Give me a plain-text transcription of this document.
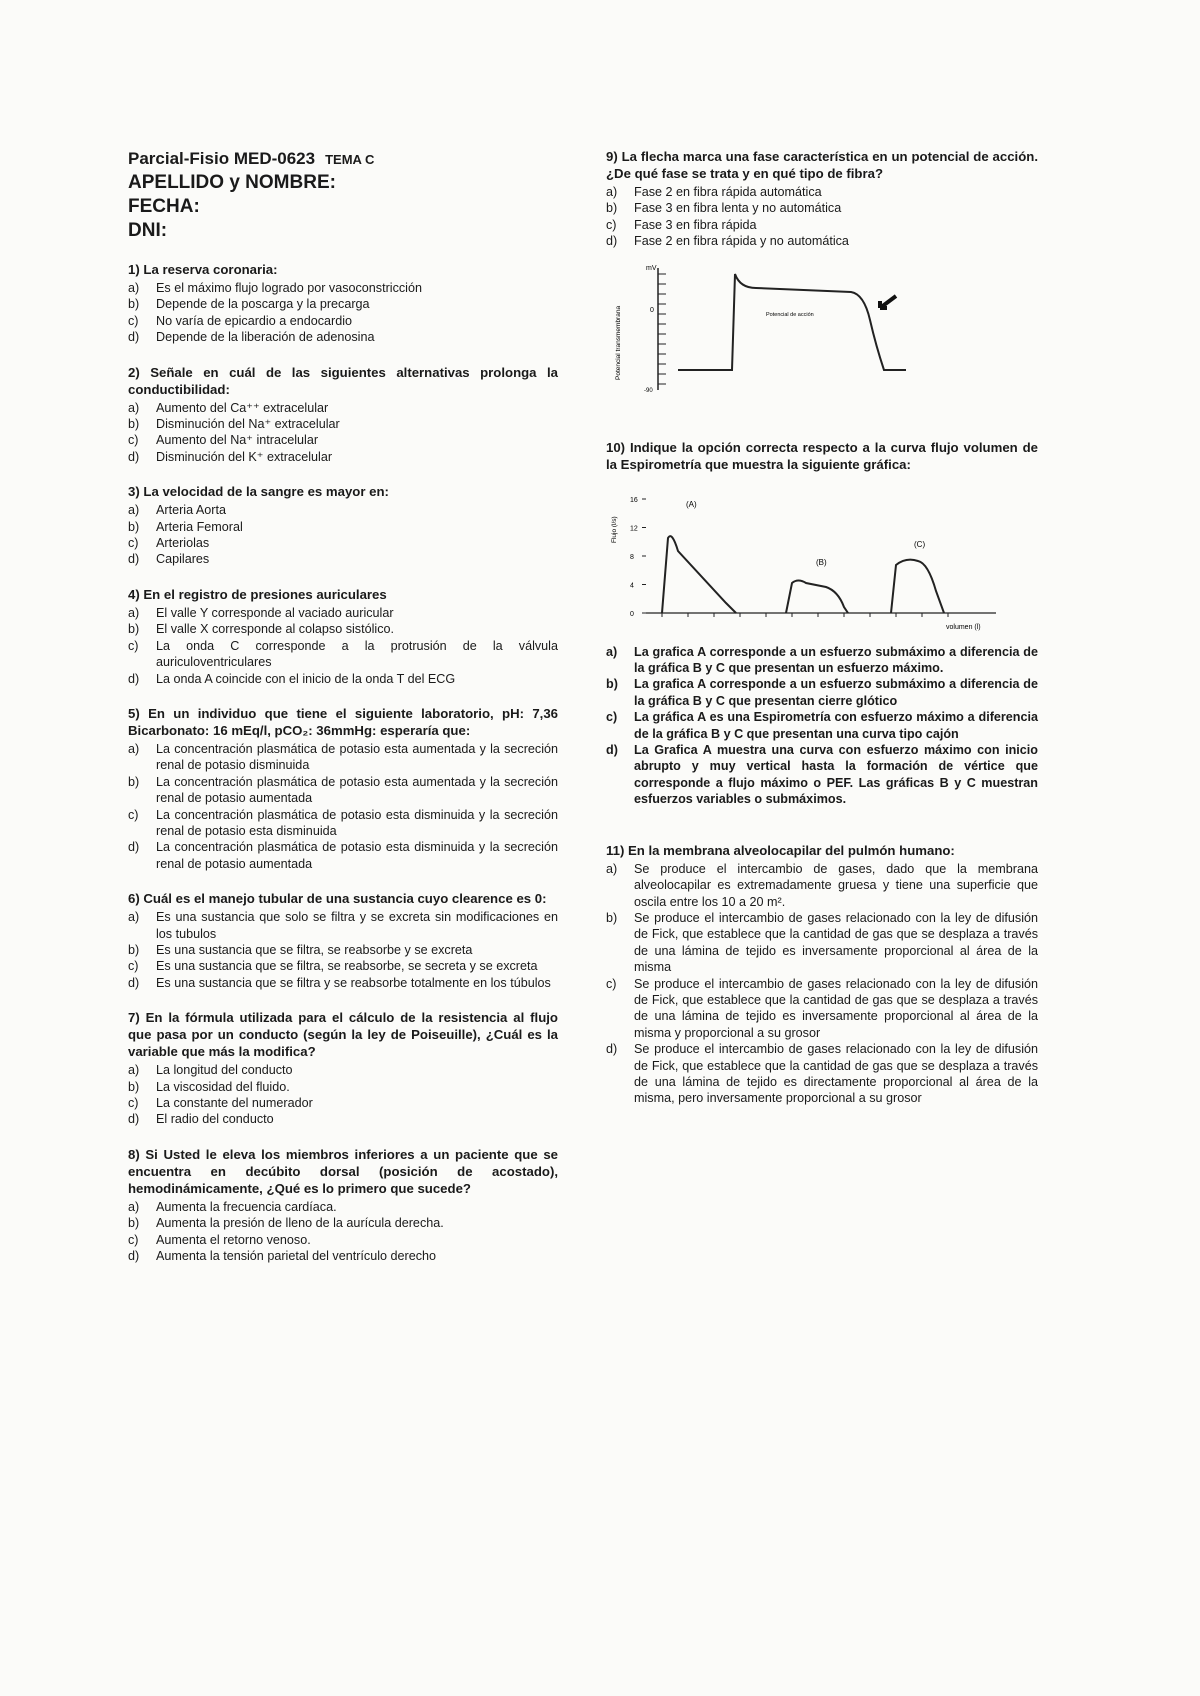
Parcial-Fisio MED-0623 TEMA C
APELLIDO y NOMBRE:
FECHA:
DNI:
1) La reserva coronaria:
a)	Es el máximo flujo logrado por vasoconstricción
b)	Depende de la poscarga y la precarga
c)	No varía de epicardio a endocardio
d)	Depende de la liberación de adenosina
2) Señale en cuál de las siguientes alternativas prolonga la conductibilidad:
a)	Aumento del Ca⁺⁺ extracelular
b)	Disminución del Na⁺ extracelular
c)	Aumento del Na⁺ intracelular
d)	Disminución del K⁺ extracelular
3) La velocidad de la sangre es mayor en:
a)	Arteria Aorta
b)	Arteria Femoral
c)	Arteriolas
d)	Capilares
4) En el registro de presiones auriculares
a)	El valle Y corresponde al vaciado auricular
b)	El valle X corresponde al colapso sistólico.
c)	La onda C corresponde a la protrusión de la válvula auriculoventriculares
d)	La onda A coincide con el inicio de la onda T del ECG
5) En un individuo que tiene el siguiente laboratorio, pH: 7,36 Bicarbonato: 16 mEq/l, pCO₂: 36mmHg: esperaría que:
a)	La concentración plasmática de potasio esta aumentada y la secreción renal de potasio disminuida
b)	La concentración plasmática de potasio esta aumentada y la secreción renal de potasio aumentada
c)	La concentración plasmática de potasio esta disminuida y la secreción renal de potasio esta disminuida
d)	La concentración plasmática de potasio esta disminuida y la secreción renal de potasio aumentada
6) Cuál es el manejo tubular de una sustancia cuyo clearence es 0:
a)	Es una sustancia que solo se filtra y se excreta sin modificaciones en los tubulos
b)	Es una sustancia que se filtra, se reabsorbe y se excreta
c)	Es una sustancia que se filtra, se reabsorbe, se secreta y se excreta
d)	Es una sustancia que se filtra y se reabsorbe totalmente en los túbulos
7) En la fórmula utilizada para el cálculo de la resistencia al flujo que pasa por un conducto (según la ley de Poiseuille), ¿Cuál es la variable que más la modifica?
a)	La longitud del conducto
b)	La viscosidad del fluido.
c)	La constante del numerador
d)	El radio del conducto
8) Si Usted le eleva los miembros inferiores a un paciente que se encuentra en decúbito dorsal (posición de acostado), hemodinámicamente, ¿Qué es lo primero que sucede?
a)	Aumenta la frecuencia cardíaca.
b)	Aumenta la presión de lleno de la aurícula derecha.
c)	Aumenta el retorno venoso.
d)	Aumenta la tensión parietal del ventrículo derecho
9) La flecha marca una fase característica en un potencial de acción. ¿De qué fase se trata y en qué tipo de fibra?
a)	Fase 2 en fibra rápida automática
b)	Fase 3 en fibra lenta y no automática
c)	Fase 3 en fibra rápida
d)	Fase 2 en fibra rápida y no automática
mV
0
-90
Potencial transmembrana	Potencial de acción
10) Indique la opción correcta respecto a la curva flujo volumen de la Espirometría que muestra la siguiente gráfica:
Flujo (l/s)
16
12
8
4
0
volumen (l)
(A)
(B)
(C)
a)	La grafica A corresponde a un esfuerzo submáximo a diferencia de la gráfica B y C que presentan un esfuerzo máximo.
b)	La grafica A corresponde a un esfuerzo submáximo a diferencia de la gráfica B y C que presentan cierre glótico
c)	La gráfica A es una Espirometría con esfuerzo máximo a diferencia de la gráfica B y C que presentan una curva tipo cajón
d)	La Grafica A muestra una curva con esfuerzo máximo con inicio abrupto y muy vertical hasta la formación de vértice que corresponde a flujo máximo o PEF. Las gráficas B y C muestran esfuerzos variables o submáximos.
11) En la membrana alveolocapilar del pulmón humano:
a)	Se produce el intercambio de gases, dado que la membrana alveolocapilar es extremadamente gruesa y tiene una superficie que oscila entre los 10 a 20 m².
b)	Se produce el intercambio de gases relacionado con la ley de difusión de Fick, que establece que la cantidad de gas que se desplaza a través de una lámina de tejido es inversamente proporcional al área de la misma
c)	Se produce el intercambio de gases relacionado con la ley de difusión de Fick, que establece que la cantidad de gas que se desplaza a través de una lámina de tejido es inversamente proporcional al área de la misma y proporcional a su grosor
d)	Se produce el intercambio de gases relacionado con la ley de difusión de Fick, que establece que la cantidad de gas que se desplaza a través de una lámina de tejido es directamente proporcional al área de la misma, pero inversamente proporcional a su grosor
